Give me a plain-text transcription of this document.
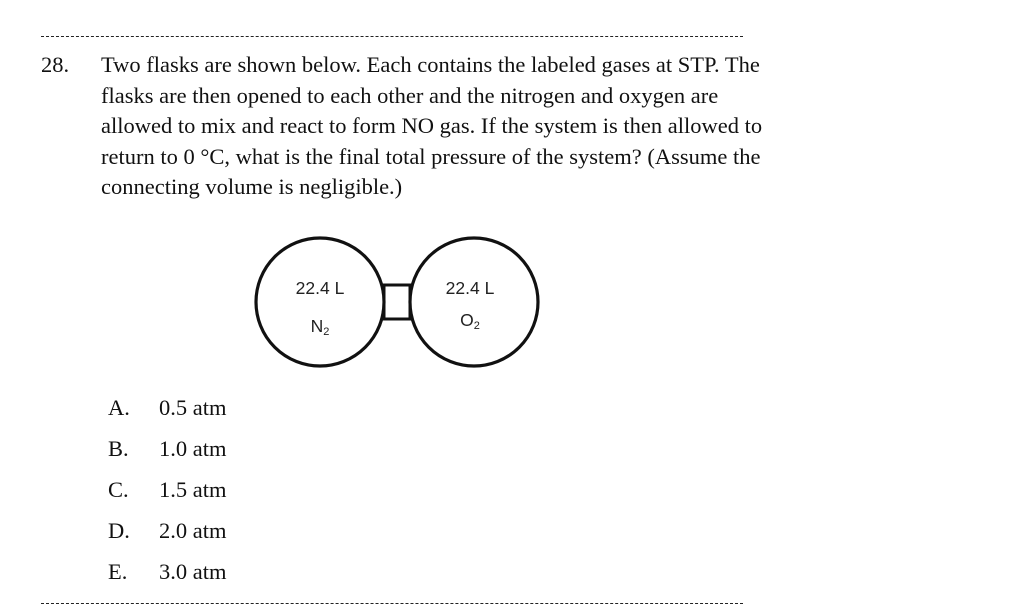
28. Two flasks are shown below. Each contains the labeled gases at STP. The
flasks are then opened to each other and the nitrogen and oxygen are
allowed to mix and react to form NO gas. If the system is then allowed to
return to 0 °C, what is the final total pressure of the system? (Assume the
connecting volume is negligible.)
22.4 L
$N_2$
22.4 L
$O_2$
A. 0.5 atm
B. 1.0 atm
C. 1.5 atm
D. 2.0 atm
E. 3.0 atm
